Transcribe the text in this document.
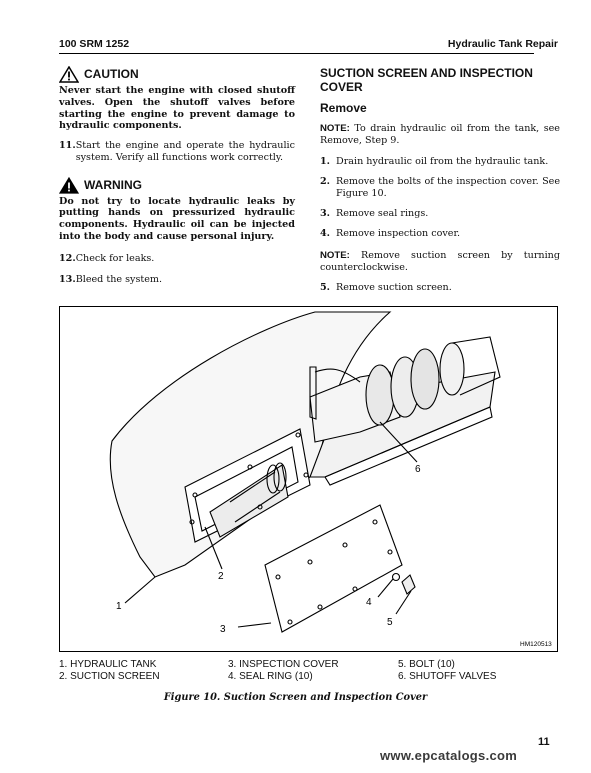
100 SRM 1252	Hydraulic Tank Repair
CAUTION

Never start the engine with closed shutoff valves. Open the shutoff valves before starting the engine to prevent damage to hydraulic components.

11. Start the engine and operate the hydraulic system. Verify all functions work correctly.
WARNING

Do not try to locate hydraulic leaks by putting hands on pressurized hydraulic components. Hydraulic oil can be injected into the body and cause personal injury.

12. Check for leaks.
13. Bleed the system.
SUCTION SCREEN AND INSPECTION
COVER
Remove
NOTE: To drain hydraulic oil from the tank, see Remove, Step 9.
1. Drain hydraulic oil from the hydraulic tank.
2. Remove the bolts of the inspection cover. See Figure 10.
3. Remove seal rings.
4. Remove inspection cover.
NOTE: Remove suction screen by turning counterclockwise.
5. Remove suction screen.
1
2
3
4
5
6
HM120513
1. HYDRAULIC TANK
2. SUCTION SCREEN
3. INSPECTION COVER
4. SEAL RING (10)
5. BOLT (10)
6. SHUTOFF VALVES
Figure 10. Suction Screen and Inspection Cover
11
www.epcatalogs.com
